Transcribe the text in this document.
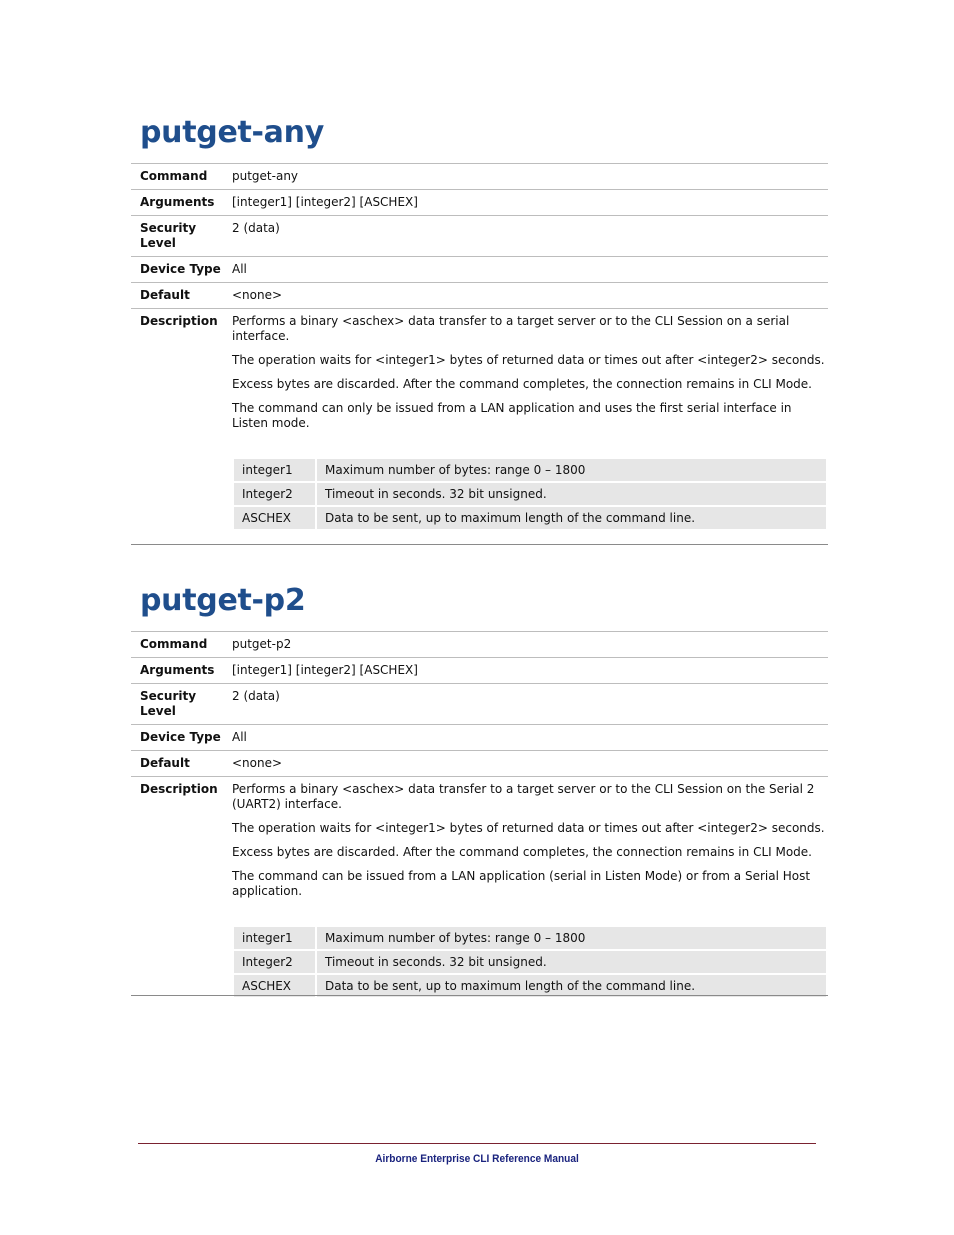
putget-any
Command	putget-any
Arguments	[integer1] [integer2] [ASCHEX]
Security
Level	2 (data)
Device Type	All
Default	<none>
Description	Performs a binary <aschex> data transfer to a target server or to the CLI Session on a serial interface.
The operation waits for <integer1> bytes of returned data or times out after <integer2> seconds.
Excess bytes are discarded. After the command completes, the connection remains in CLI Mode.
The command can only be issued from a LAN application and uses the first serial interface in Listen mode.
integer1	Maximum number of bytes: range 0 – 1800
Integer2	Timeout in seconds. 32 bit unsigned.
ASCHEX	Data to be sent, up to maximum length of the command line.
putget-p2
Command	putget-p2
Arguments	[integer1] [integer2] [ASCHEX]
Security
Level	2 (data)
Device Type	All
Default	<none>
Description	Performs a binary <aschex> data transfer to a target server or to the CLI Session on the Serial 2 (UART2) interface.
The operation waits for <integer1> bytes of returned data or times out after <integer2> seconds.
Excess bytes are discarded. After the command completes, the connection remains in CLI Mode.
The command can be issued from a LAN application (serial in Listen Mode) or from a Serial Host application.
integer1	Maximum number of bytes: range 0 – 1800
Integer2	Timeout in seconds. 32 bit unsigned.
ASCHEX	Data to be sent, up to maximum length of the command line.
Airborne Enterprise CLI Reference Manual
